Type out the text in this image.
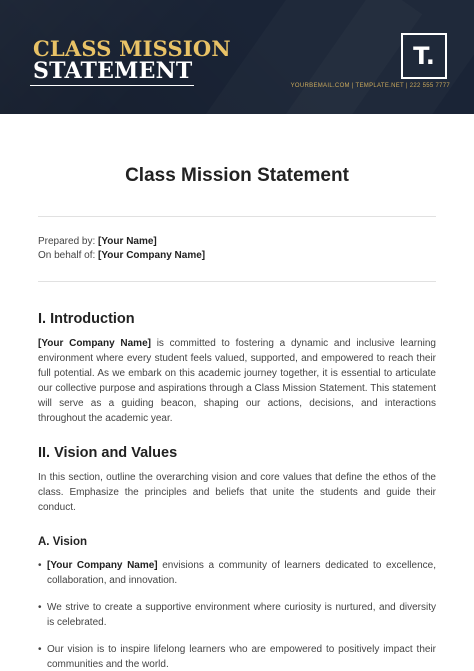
CLASS MISSION
STATEMENT
T.
YOURBEMAIL.COM | TEMPLATE.NET | 222 555 7777
Class Mission Statement
Prepared by: [Your Name]
On behalf of: [Your Company Name]
I. Introduction
[Your Company Name] is committed to fostering a dynamic and inclusive learning environment where every student feels valued, supported, and empowered to reach their full potential. As we embark on this academic journey together, it is essential to articulate our collective purpose and aspirations through a Class Mission Statement. This statement will serve as a guiding beacon, shaping our actions, decisions, and interactions throughout the academic year.
II. Vision and Values
In this section, outline the overarching vision and core values that define the ethos of the class. Emphasize the principles and beliefs that unite the students and guide their conduct.
A. Vision
• [Your Company Name] envisions a community of learners dedicated to excellence, collaboration, and innovation.
• We strive to create a supportive environment where curiosity is nurtured, and diversity is celebrated.
• Our vision is to inspire lifelong learners who are empowered to positively impact their communities and the world.
